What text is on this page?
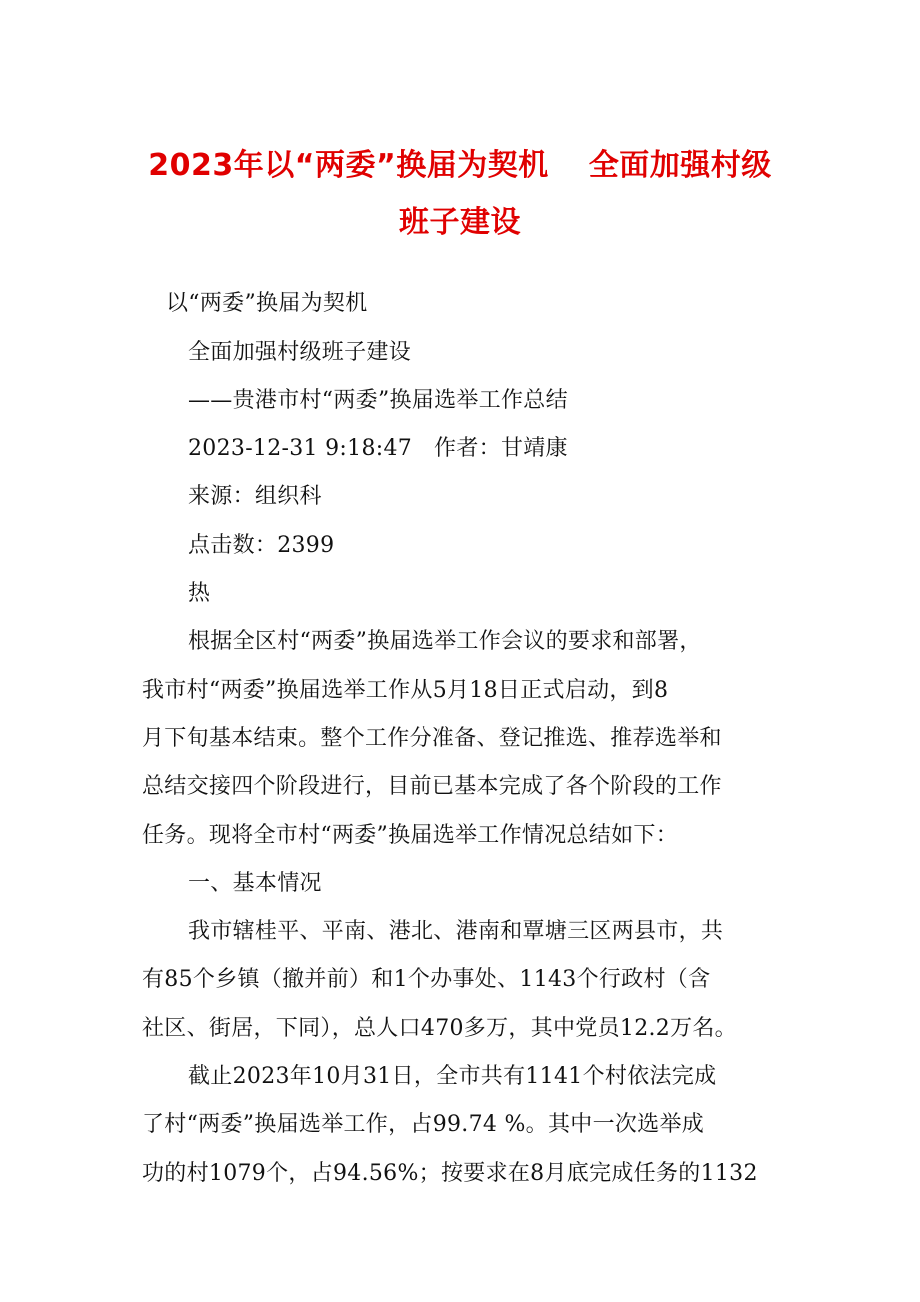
2023年以“两委”换届为契机 全面加强村级
班子建设
以“两委”换届为契机
全面加强村级班子建设
——贵港市村“两委”换届选举工作总结
2023-12-31 9:18:47 作者：甘靖康
来源：组织科
点击数：2399
热
根据全区村“两委”换届选举工作会议的要求和部署，
我市村“两委”换届选举工作从5月18日正式启动，到8
月下旬基本结束。整个工作分准备、登记推选、推荐选举和
总结交接四个阶段进行，目前已基本完成了各个阶段的工作
任务。现将全市村“两委”换届选举工作情况总结如下：
一、基本情况
我市辖桂平、平南、港北、港南和覃塘三区两县市，共
有85个乡镇（撤并前）和1个办事处、1143个行政村（含
社区、街居，下同），总人口470多万，其中党员12.2万名。
截止2023年10月31日，全市共有1141个村依法完成
了村“两委”换届选举工作，占99.74 %。其中一次选举成
功的村1079个，占94.56%；按要求在8月底完成任务的1132
